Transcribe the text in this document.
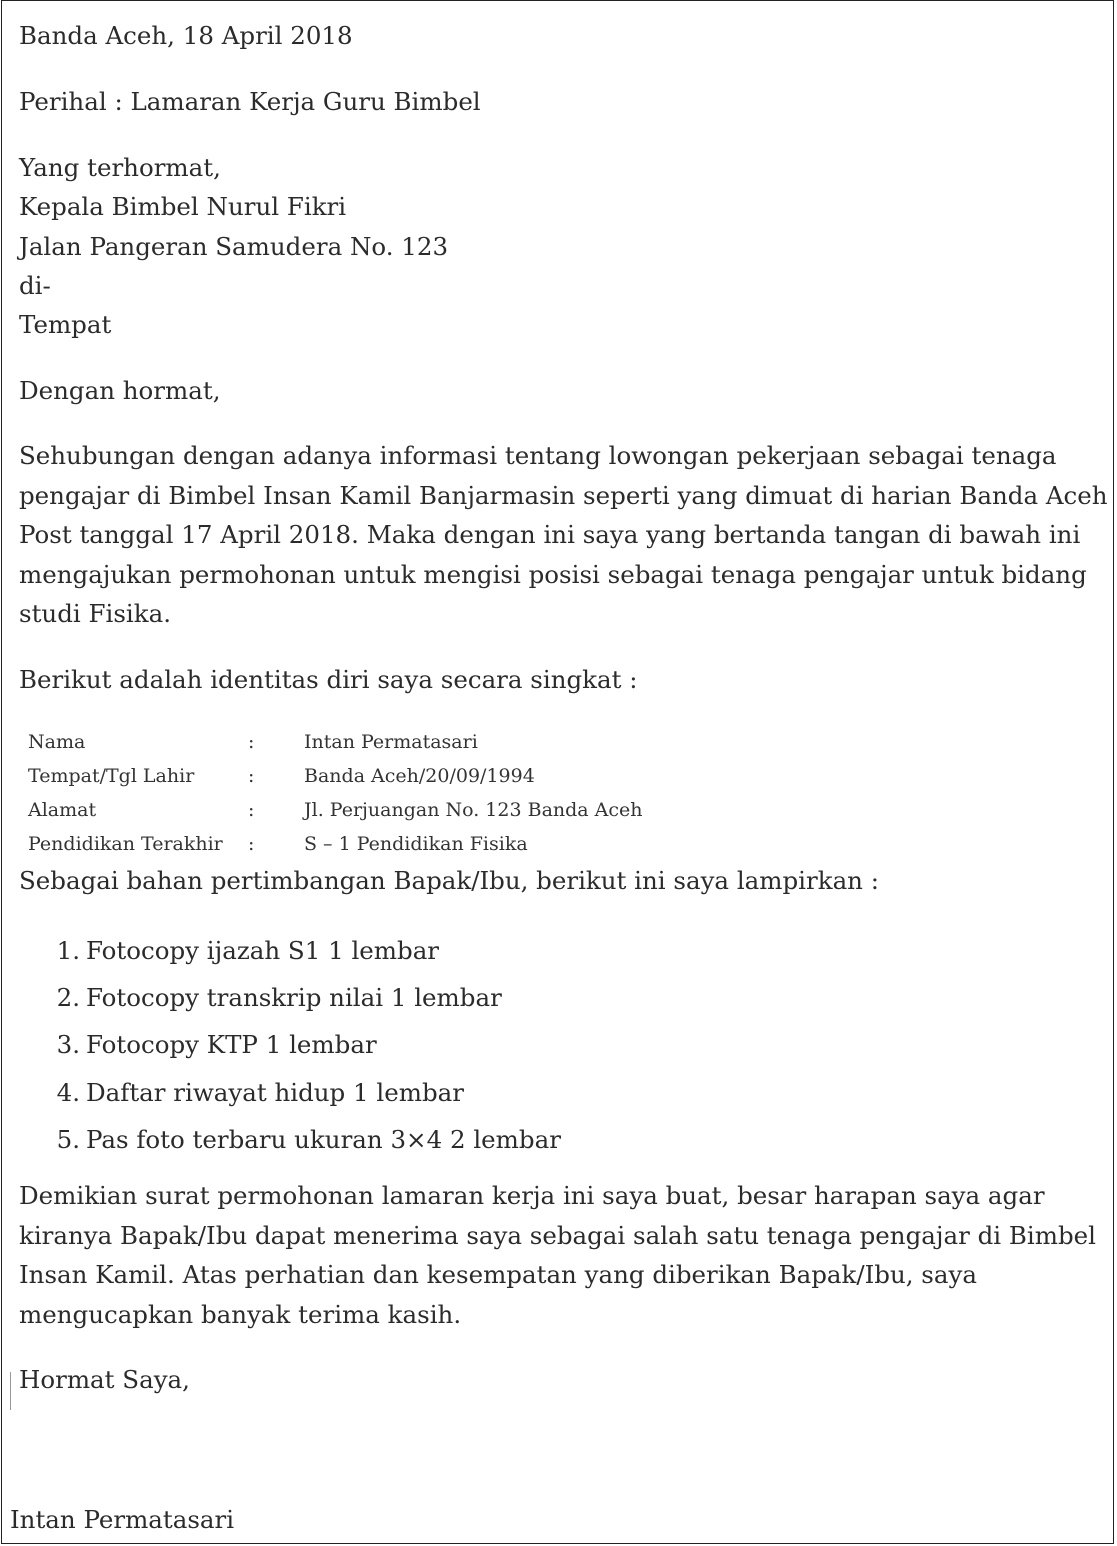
Banda Aceh, 18 April 2018

Perihal : Lamaran Kerja Guru Bimbel

Yang terhormat,

Kepala Bimbel Nurul Fikri

Jalan Pangeran Samudera No. 123

di-

Tempat

Dengan hormat,

Sehubungan dengan adanya informasi tentang lowongan pekerjaan sebagai tenaga
pengajar di Bimbel Insan Kamil Banjarmasin seperti yang dimuat di harian Banda Aceh
Post tanggal 17 April 2018. Maka dengan ini saya yang bertanda tangan di bawah ini
mengajukan permohonan untuk mengisi posisi sebagai tenaga pengajar untuk bidang
studi Fisika.

Berikut adalah identitas diri saya secara singkat :

Nama	:	Intan Permatasari
Tempat/Tgl Lahir	:	Banda Aceh/20/09/1994
Alamat	:	Jl. Perjuangan No. 123 Banda Aceh
Pendidikan Terakhir :	S – 1 Pendidikan Fisika

Sebagai bahan pertimbangan Bapak/Ibu, berikut ini saya lampirkan :

1. Fotocopy ijazah S1 1 lembar
2. Fotocopy transkrip nilai 1 lembar
3. Fotocopy KTP 1 lembar
4. Daftar riwayat hidup 1 lembar
5. Pas foto terbaru ukuran 3×4 2 lembar
Demikian surat permohonan lamaran kerja ini saya buat, besar harapan saya agar
kiranya Bapak/Ibu dapat menerima saya sebagai salah satu tenaga pengajar di Bimbel
Insan Kamil. Atas perhatian dan kesempatan yang diberikan Bapak/Ibu, saya
mengucapkan banyak terima kasih.

Hormat Saya,

Intan Permatasari
